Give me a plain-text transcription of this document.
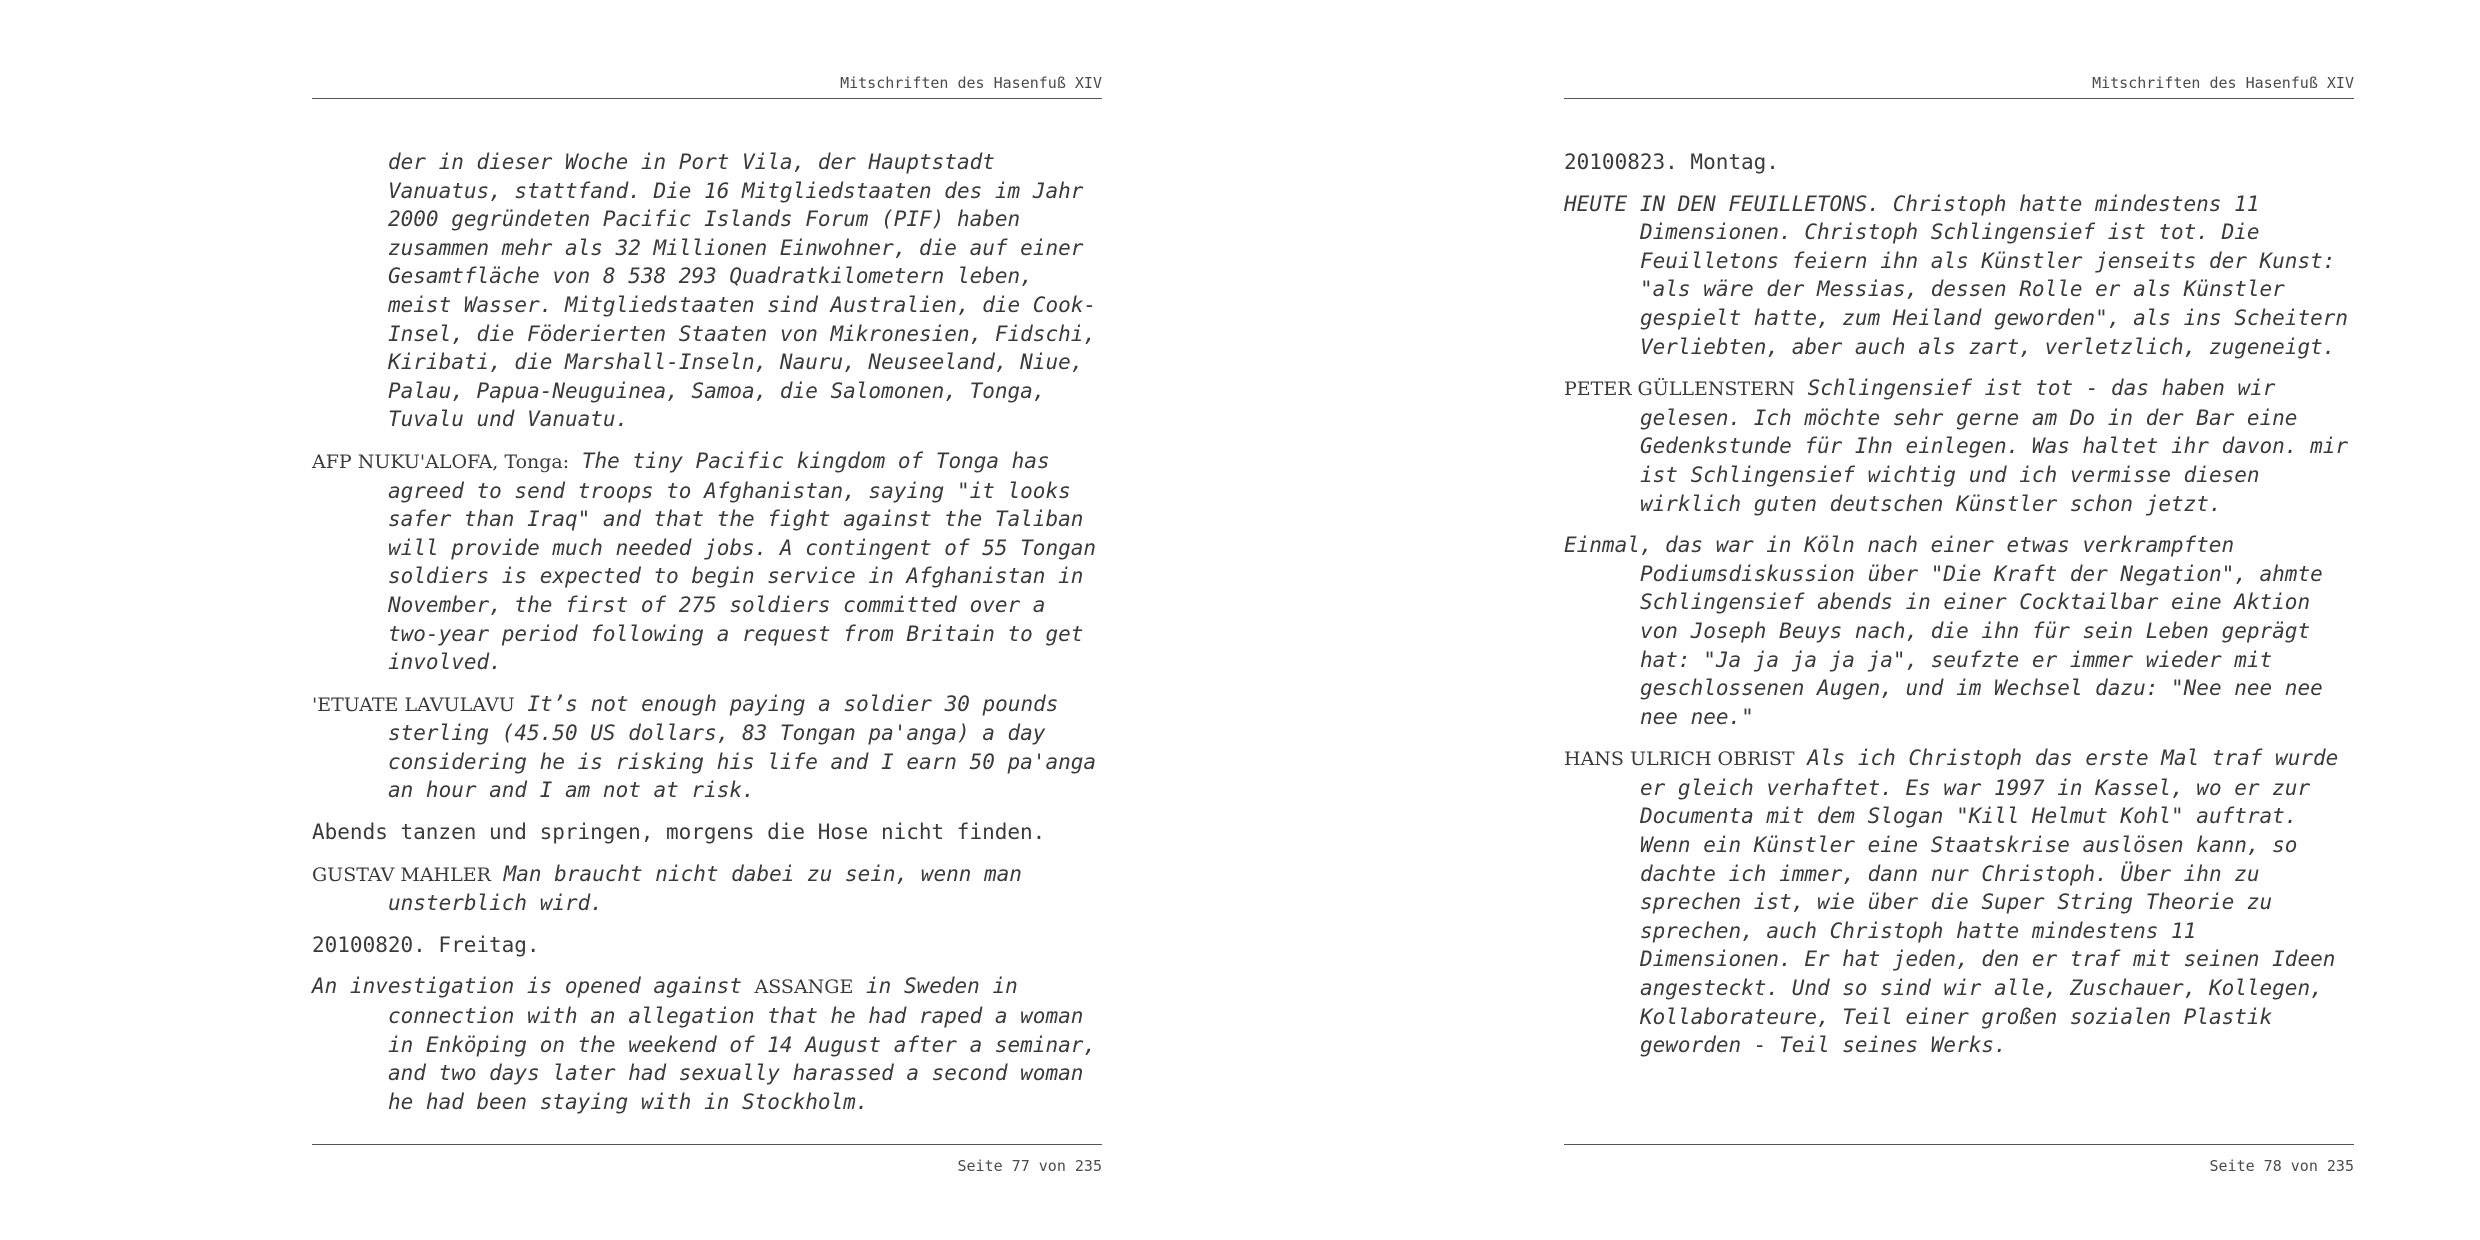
Mitschriften des Hasenfuß XIV

der in dieser Woche in Port Vila, der Hauptstadt Vanuatus, stattfand. Die 16 Mitgliedstaaten des im Jahr 2000 gegründeten Pacific Islands Forum (PIF) haben zusammen mehr als 32 Millionen Einwohner, die auf einer Gesamtfläche von 8 538 293 Quadratkilometern leben, meist Wasser. Mitgliedstaaten sind Australien, die Cook-Insel, die Föderierten Staaten von Mikronesien, Fidschi, Kiribati, die Marshall-Inseln, Nauru, Neuseeland, Niue, Palau, Papua-Neuguinea, Samoa, die Salomonen, Tonga, Tuvalu und Vanuatu.

AFP NUKU'ALOFA, Tonga: The tiny Pacific kingdom of Tonga has agreed to send troops to Afghanistan, saying "it looks safer than Iraq" and that the fight against the Taliban will provide much needed jobs. A contingent of 55 Tongan soldiers is expected to begin service in Afghanistan in November, the first of 275 soldiers committed over a two-year period following a request from Britain to get involved.

'ETUATE LAVULAVU It’s not enough paying a soldier 30 pounds sterling (45.50 US dollars, 83 Tongan pa'anga) a day considering he is risking his life and I earn 50 pa'anga an hour and I am not at risk.

Abends tanzen und springen, morgens die Hose nicht finden.

GUSTAV MAHLER Man braucht nicht dabei zu sein, wenn man unsterblich wird.

20100820. Freitag.

An investigation is opened against ASSANGE in Sweden in connection with an allegation that he had raped a woman in Enköping on the weekend of 14 August after a seminar, and two days later had sexually harassed a second woman he had been staying with in Stockholm.

Seite 77 von 235
Mitschriften des Hasenfuß XIV

20100823. Montag.

HEUTE IN DEN FEUILLETONS. Christoph hatte mindestens 11 Dimensionen. Christoph Schlingensief ist tot. Die Feuilletons feiern ihn als Künstler jenseits der Kunst: "als wäre der Messias, dessen Rolle er als Künstler gespielt hatte, zum Heiland geworden", als ins Scheitern Verliebten, aber auch als zart, verletzlich, zugeneigt.

PETER GÜLLENSTERN Schlingensief ist tot - das haben wir gelesen. Ich möchte sehr gerne am Do in der Bar eine Gedenkstunde für Ihn einlegen. Was haltet ihr davon. mir ist Schlingensief wichtig und ich vermisse diesen wirklich guten deutschen Künstler schon jetzt.

Einmal, das war in Köln nach einer etwas verkrampften Podiumsdiskussion über "Die Kraft der Negation", ahmte Schlingensief abends in einer Cocktailbar eine Aktion von Joseph Beuys nach, die ihn für sein Leben geprägt hat: "Ja ja ja ja ja", seufzte er immer wieder mit geschlossenen Augen, und im Wechsel dazu: "Nee nee nee nee nee."

HANS ULRICH OBRIST Als ich Christoph das erste Mal traf wurde er gleich verhaftet. Es war 1997 in Kassel, wo er zur Documenta mit dem Slogan "Kill Helmut Kohl" auftrat. Wenn ein Künstler eine Staatskrise auslösen kann, so dachte ich immer, dann nur Christoph. Über ihn zu sprechen ist, wie über die Super String Theorie zu sprechen, auch Christoph hatte mindestens 11 Dimensionen. Er hat jeden, den er traf mit seinen Ideen angesteckt. Und so sind wir alle, Zuschauer, Kollegen, Kollaborateure, Teil einer großen sozialen Plastik geworden - Teil seines Werks.

Seite 78 von 235
